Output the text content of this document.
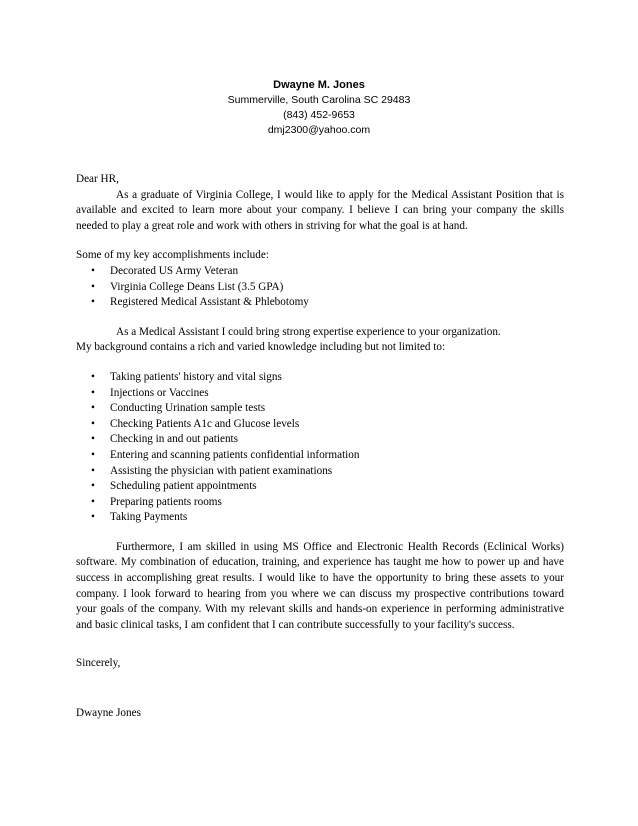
Dwayne M. Jones
Summerville, South Carolina SC 29483
(843) 452-9653
dmj2300@yahoo.com

Dear HR,

As a graduate of Virginia College, I would like to apply for the Medical Assistant Position that is available and excited to learn more about your company. I believe I can bring your company the skills needed to play a great role and work with others in striving for what the goal is at hand.

Some of my key accomplishments include:

• Decorated US Army Veteran
• Virginia College Deans List (3.5 GPA)
• Registered Medical Assistant & Phlebotomy

As a Medical Assistant I could bring strong expertise experience to your organization.

My background contains a rich and varied knowledge including but not limited to:

• Taking patients' history and vital signs
• Injections or Vaccines
• Conducting Urination sample tests
• Checking Patients A1c and Glucose levels
• Checking in and out patients
• Entering and scanning patients confidential information
• Assisting the physician with patient examinations
• Scheduling patient appointments
• Preparing patients rooms
• Taking Payments

Furthermore, I am skilled in using MS Office and Electronic Health Records (Eclinical Works) software. My combination of education, training, and experience has taught me how to power up and have success in accomplishing great results. I would like to have the opportunity to bring these assets to your company. I look forward to hearing from you where we can discuss my prospective contributions toward your goals of the company. With my relevant skills and hands-on experience in performing administrative and basic clinical tasks, I am confident that I can contribute successfully to your facility's success.

Sincerely,

Dwayne Jones
